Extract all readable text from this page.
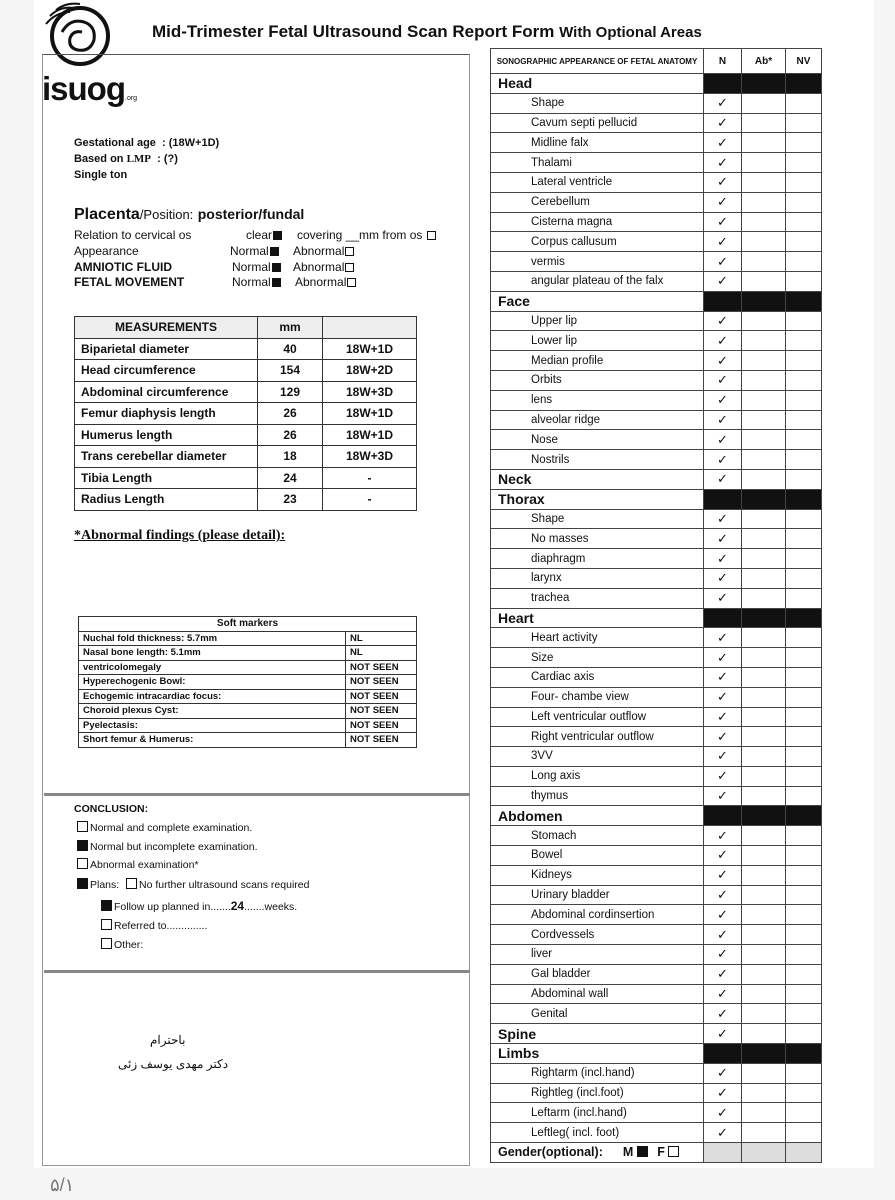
isuog.org
Mid-Trimester Fetal Ultrasound Scan Report Form With Optional Areas
Gestational age : (18W+1D)
Based on LMP  : (?)
Single ton
Placenta/Position: posterior/fundal
Relation to cervical os	clear	covering __mm from os
Appearance	Normal	Abnormal
AMNIOTIC FLUID	Normal	Abnormal
FETAL MOVEMENT	Normal	Abnormal
MEASUREMENTS	mm	
Biparietal diameter	40	18W+1D
Head circumference	154	18W+2D
Abdominal circumference	129	18W+3D
Femur diaphysis length	26	18W+1D
Humerus length	26	18W+1D
Trans cerebellar diameter	18	18W+3D
Tibia Length	24	-
Radius Length	23	-
*Abnormal findings (please detail):
Soft markers	
Nuchal fold thickness: 5.7mm	NL
Nasal bone length: 5.1mm	NL
ventricolomegaly	NOT SEEN
Hyperechogenic Bowl:	NOT SEEN
Echogemic intracardiac focus:	NOT SEEN
Choroid plexus Cyst:	NOT SEEN
Pyelectasis:	NOT SEEN
Short femur & Humerus:	NOT SEEN
CONCLUSION:
Normal and complete examination.
Normal but incomplete examination.
Abnormal examination*
Plans: No further ultrasound scans required
Follow up planned in.......24.......weeks.
Referred to..............
Other:
باحترام
دکتر مهدی یوسف زئی
۵/۱
SONOGRAPHIC APPEARANCE OF FETAL ANATOMY	N	Ab*	NV
Head			
Shape	✓		
Cavum septi pellucid	✓		
Midline falx	✓		
Thalami	✓		
Lateral ventricle	✓		
Cerebellum	✓		
Cisterna magna	✓		
Corpus callusum	✓		
vermis	✓		
angular plateau of the falx	✓		
Face			
Upper lip	✓		
Lower lip	✓		
Median profile	✓		
Orbits	✓		
lens	✓		
alveolar ridge	✓		
Nose	✓		
Nostrils	✓		
Neck	✓		
Thorax			
Shape	✓		
No masses	✓		
diaphragm	✓		
larynx	✓		
trachea	✓		
Heart			
Heart activity	✓		
Size	✓		
Cardiac axis	✓		
Four- chambe view	✓		
Left ventricular outflow	✓		
Right ventricular outflow	✓		
3VV	✓		
Long axis	✓		
thymus	✓		
Abdomen			
Stomach	✓		
Bowel	✓		
Kidneys	✓		
Urinary bladder	✓		
Abdominal cordinsertion	✓		
Cordvessels	✓		
liver	✓		
Gal bladder	✓		
Abdominal wall	✓		
Genital	✓		
Spine	✓		
Limbs			
Rightarm (incl.hand)	✓		
Rightleg (incl.foot)	✓		
Leftarm (incl.hand)	✓		
Leftleg( incl. foot)	✓		
Gender(optional): M F			
